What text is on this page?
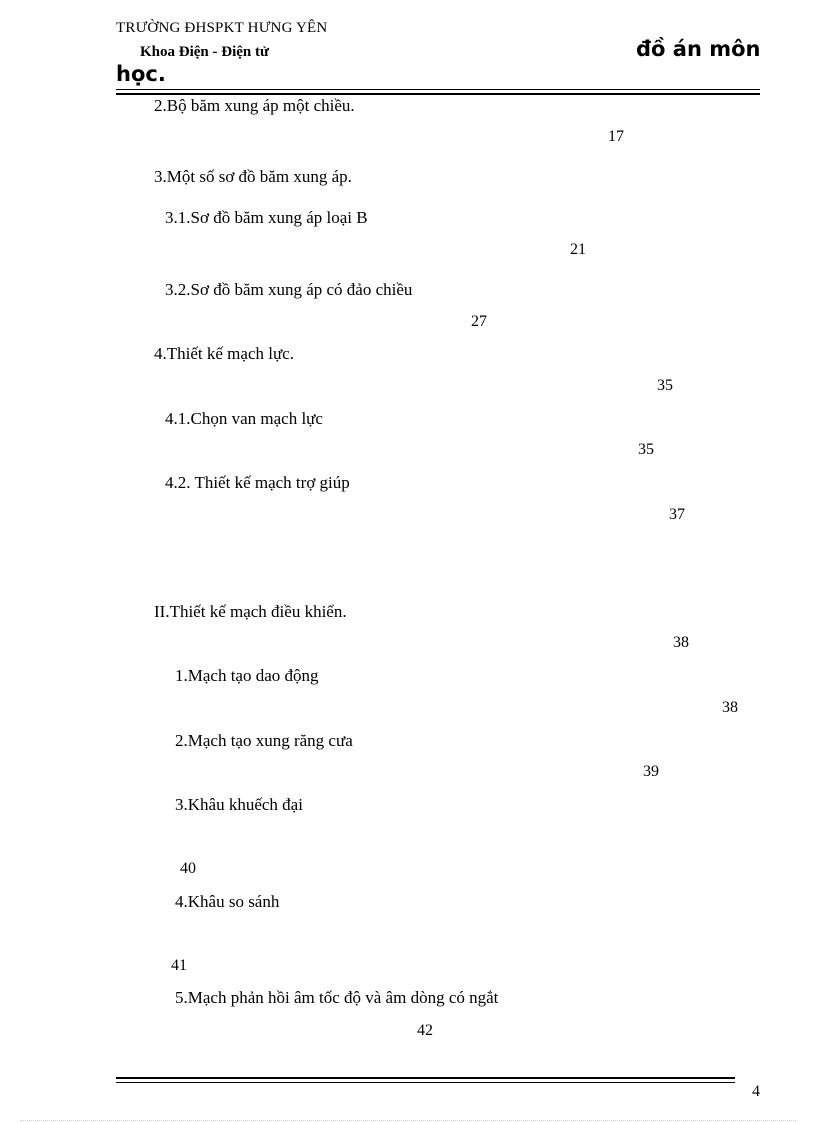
TRƯỜNG ĐHSPKT HƯNG YÊN
Khoa Điện - Điện tử	đồ án môn
học.
2.Bộ băm xung áp một chiều.
17
3.Một số sơ đồ băm xung áp.
3.1.Sơ đồ băm xung áp loại B
21
3.2.Sơ đồ băm xung áp có đảo chiều
27
4.Thiết kế mạch lực.
35
4.1.Chọn van mạch lực
35
4.2. Thiết kế mạch trợ giúp
37
II.Thiết kế mạch điều khiển.
38
1.Mạch tạo dao động
38
2.Mạch tạo xung răng cưa
39
3.Khâu khuếch đại
40
4.Khâu so sánh
41
5.Mạch phản hồi âm tốc độ và âm dòng có ngắt
42
4
